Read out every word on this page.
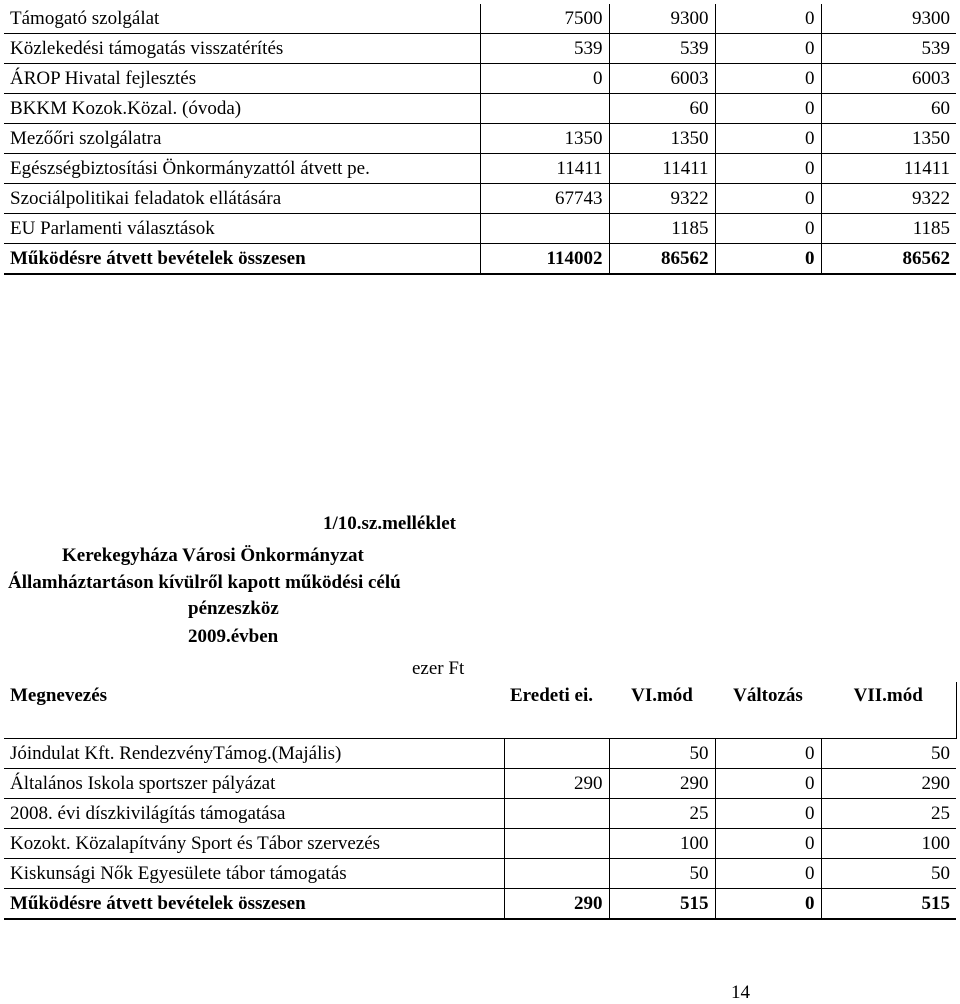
Támogató szolgálat	7500	9300	0	9300
Közlekedési támogatás visszatérítés	539	539	0	539
ÁROP Hivatal fejlesztés	0	6003	0	6003
BKKM Kozok.Közal. (óvoda)		60	0	60
Mezőőri szolgálatra	1350	1350	0	1350
Egészségbiztosítási Önkormányzattól átvett pe.	11411	11411	0	11411
Szociálpolitikai feladatok ellátására	67743	9322	0	9322
EU Parlamenti választások		1185	0	1185
Működésre átvett bevételek összesen	114002	86562	0	86562
1/10.sz.melléklet
Kerekegyháza Városi Önkormányzat
Államháztartáson kívülről kapott működési célú
pénzeszköz
2009.évben
ezer Ft
Megnevezés	Eredeti ei.	VI.mód	Változás	VII.mód
Jóindulat Kft. RendezvényTámog.(Majális)		50	0	50
Általános Iskola sportszer pályázat	290	290	0	290
2008. évi díszkivilágítás támogatása		25	0	25
Kozokt. Közalapítvány Sport és Tábor szervezés		100	0	100
Kiskunsági Nők Egyesülete tábor támogatás		50	0	50
Működésre átvett bevételek összesen	290	515	0	515
14
